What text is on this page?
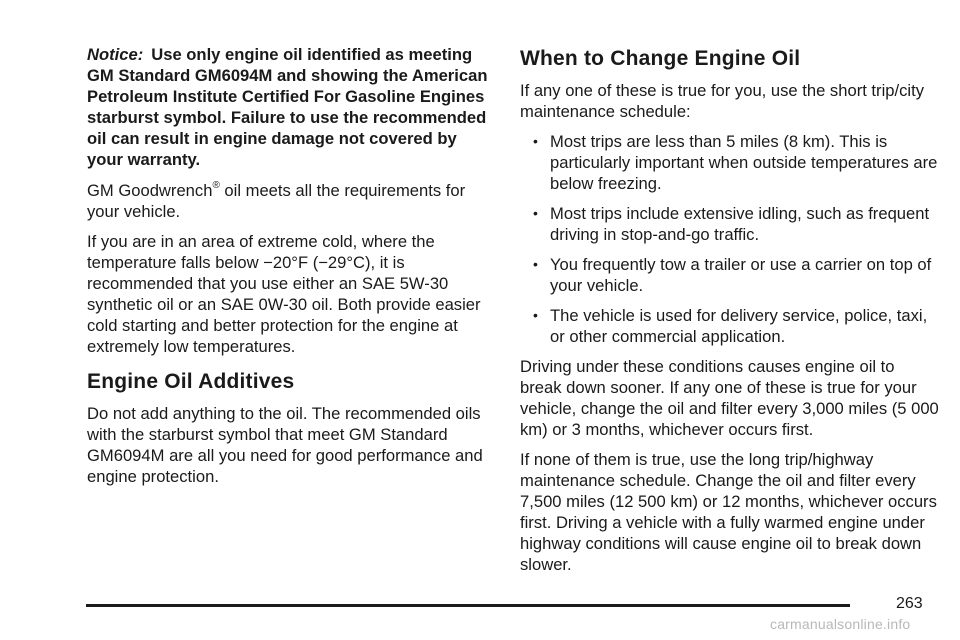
Notice: Use only engine oil identified as meeting GM Standard GM6094M and showing the American Petroleum Institute Certified For Gasoline Engines starburst symbol. Failure to use the recommended oil can result in engine damage not covered by your warranty.

GM Goodwrench® oil meets all the requirements for your vehicle.

If you are in an area of extreme cold, where the temperature falls below −20°F (−29°C), it is recommended that you use either an SAE 5W-30 synthetic oil or an SAE 0W-30 oil. Both provide easier cold starting and better protection for the engine at extremely low temperatures.

Engine Oil Additives

Do not add anything to the oil. The recommended oils with the starburst symbol that meet GM Standard GM6094M are all you need for good performance and engine protection.

When to Change Engine Oil

If any one of these is true for you, use the short trip/city maintenance schedule:

• Most trips are less than 5 miles (8 km). This is particularly important when outside temperatures are below freezing.
• Most trips include extensive idling, such as frequent driving in stop-and-go traffic.
• You frequently tow a trailer or use a carrier on top of your vehicle.
• The vehicle is used for delivery service, police, taxi, or other commercial application.

Driving under these conditions causes engine oil to break down sooner. If any one of these is true for your vehicle, change the oil and filter every 3,000 miles (5 000 km) or 3 months, whichever occurs first.

If none of them is true, use the long trip/highway maintenance schedule. Change the oil and filter every 7,500 miles (12 500 km) or 12 months, whichever occurs first. Driving a vehicle with a fully warmed engine under highway conditions will cause engine oil to break down slower.

263
carmanualsonline.info
